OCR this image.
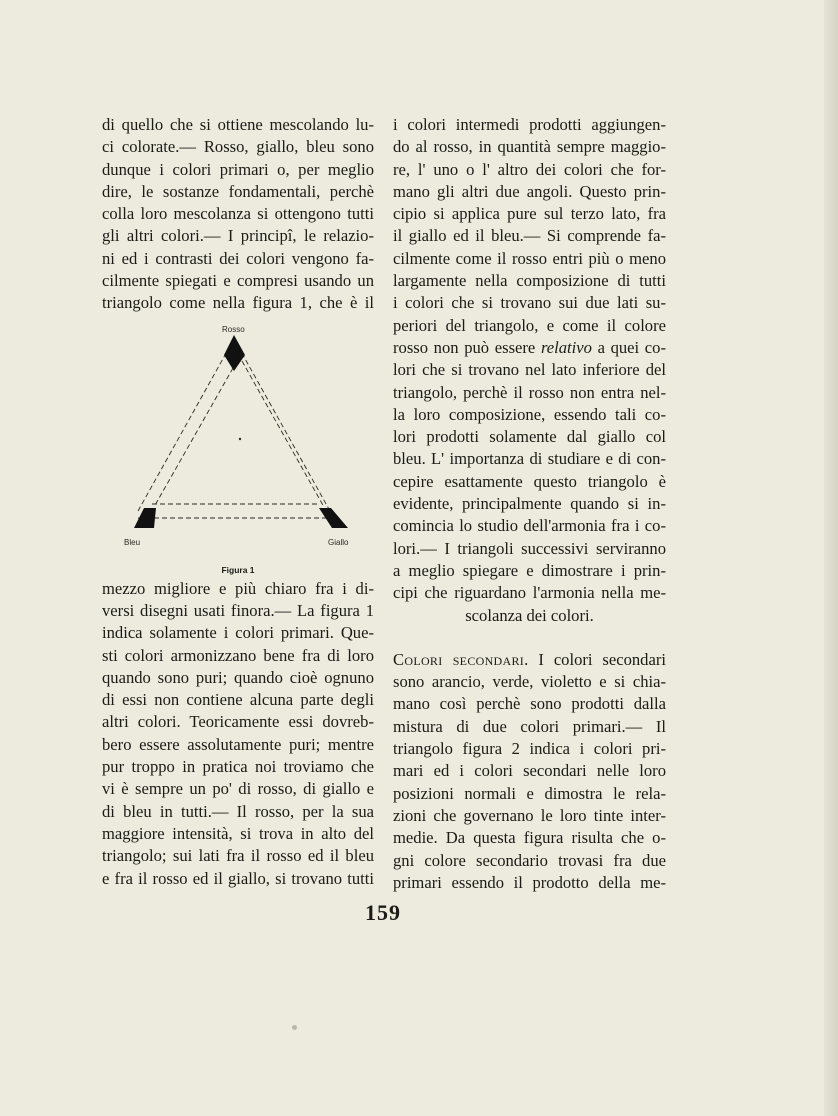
di quello che si ottiene mescolando lu-
ci colorate.— Rosso, giallo, bleu sono
dunque i colori primari o, per meglio
dire, le sostanze fondamentali, perchè
colla loro mescolanza si ottengono tutti
gli altri colori.— I principî, le relazio-
ni ed i contrasti dei colori vengono fa-
cilmente spiegati e compresi usando un
triangolo come nella figura 1, che è il
Rosso
Bleu	Giallo
Figura 1
mezzo migliore e più chiaro fra i di-
versi disegni usati finora.— La figura 1
indica solamente i colori primari. Que-
sti colori armonizzano bene fra di loro
quando sono puri; quando cioè ognuno
di essi non contiene alcuna parte degli
altri colori. Teoricamente essi dovreb-
bero essere assolutamente puri; mentre
pur troppo in pratica noi troviamo che
vi è sempre un po' di rosso, di giallo e
di bleu in tutti.— Il rosso, per la sua
maggiore intensità, si trova in alto del
triangolo; sui lati fra il rosso ed il bleu
e fra il rosso ed il giallo, si trovano tutti
i colori intermedi prodotti aggiungen-
do al rosso, in quantità sempre maggio-
re, l' uno o l' altro dei colori che for-
mano gli altri due angoli. Questo prin-
cipio si applica pure sul terzo lato, fra
il giallo ed il bleu.— Si comprende fa-
cilmente come il rosso entri più o meno
largamente nella composizione di tutti
i colori che si trovano sui due lati su-
periori del triangolo, e come il colore
rosso non può essere relativo a quei co-
lori che si trovano nel lato inferiore del
triangolo, perchè il rosso non entra nel-
la loro composizione, essendo tali co-
lori prodotti solamente dal giallo col
bleu. L' importanza di studiare e di con-
cepire esattamente questo triangolo è
evidente, principalmente quando si in-
comincia lo studio dell'armonia fra i co-
lori.— I triangoli successivi serviranno
a meglio spiegare e dimostrare i prin-
cipi che riguardano l'armonia nella me-
scolanza dei colori.
Colori secondari. I colori secondari
sono arancio, verde, violetto e si chia-
mano così perchè sono prodotti dalla
mistura di due colori primari.— Il
triangolo figura 2 indica i colori pri-
mari ed i colori secondari nelle loro
posizioni normali e dimostra le rela-
zioni che governano le loro tinte inter-
medie. Da questa figura risulta che o-
gni colore secondario trovasi fra due
primari essendo il prodotto della me-
159
